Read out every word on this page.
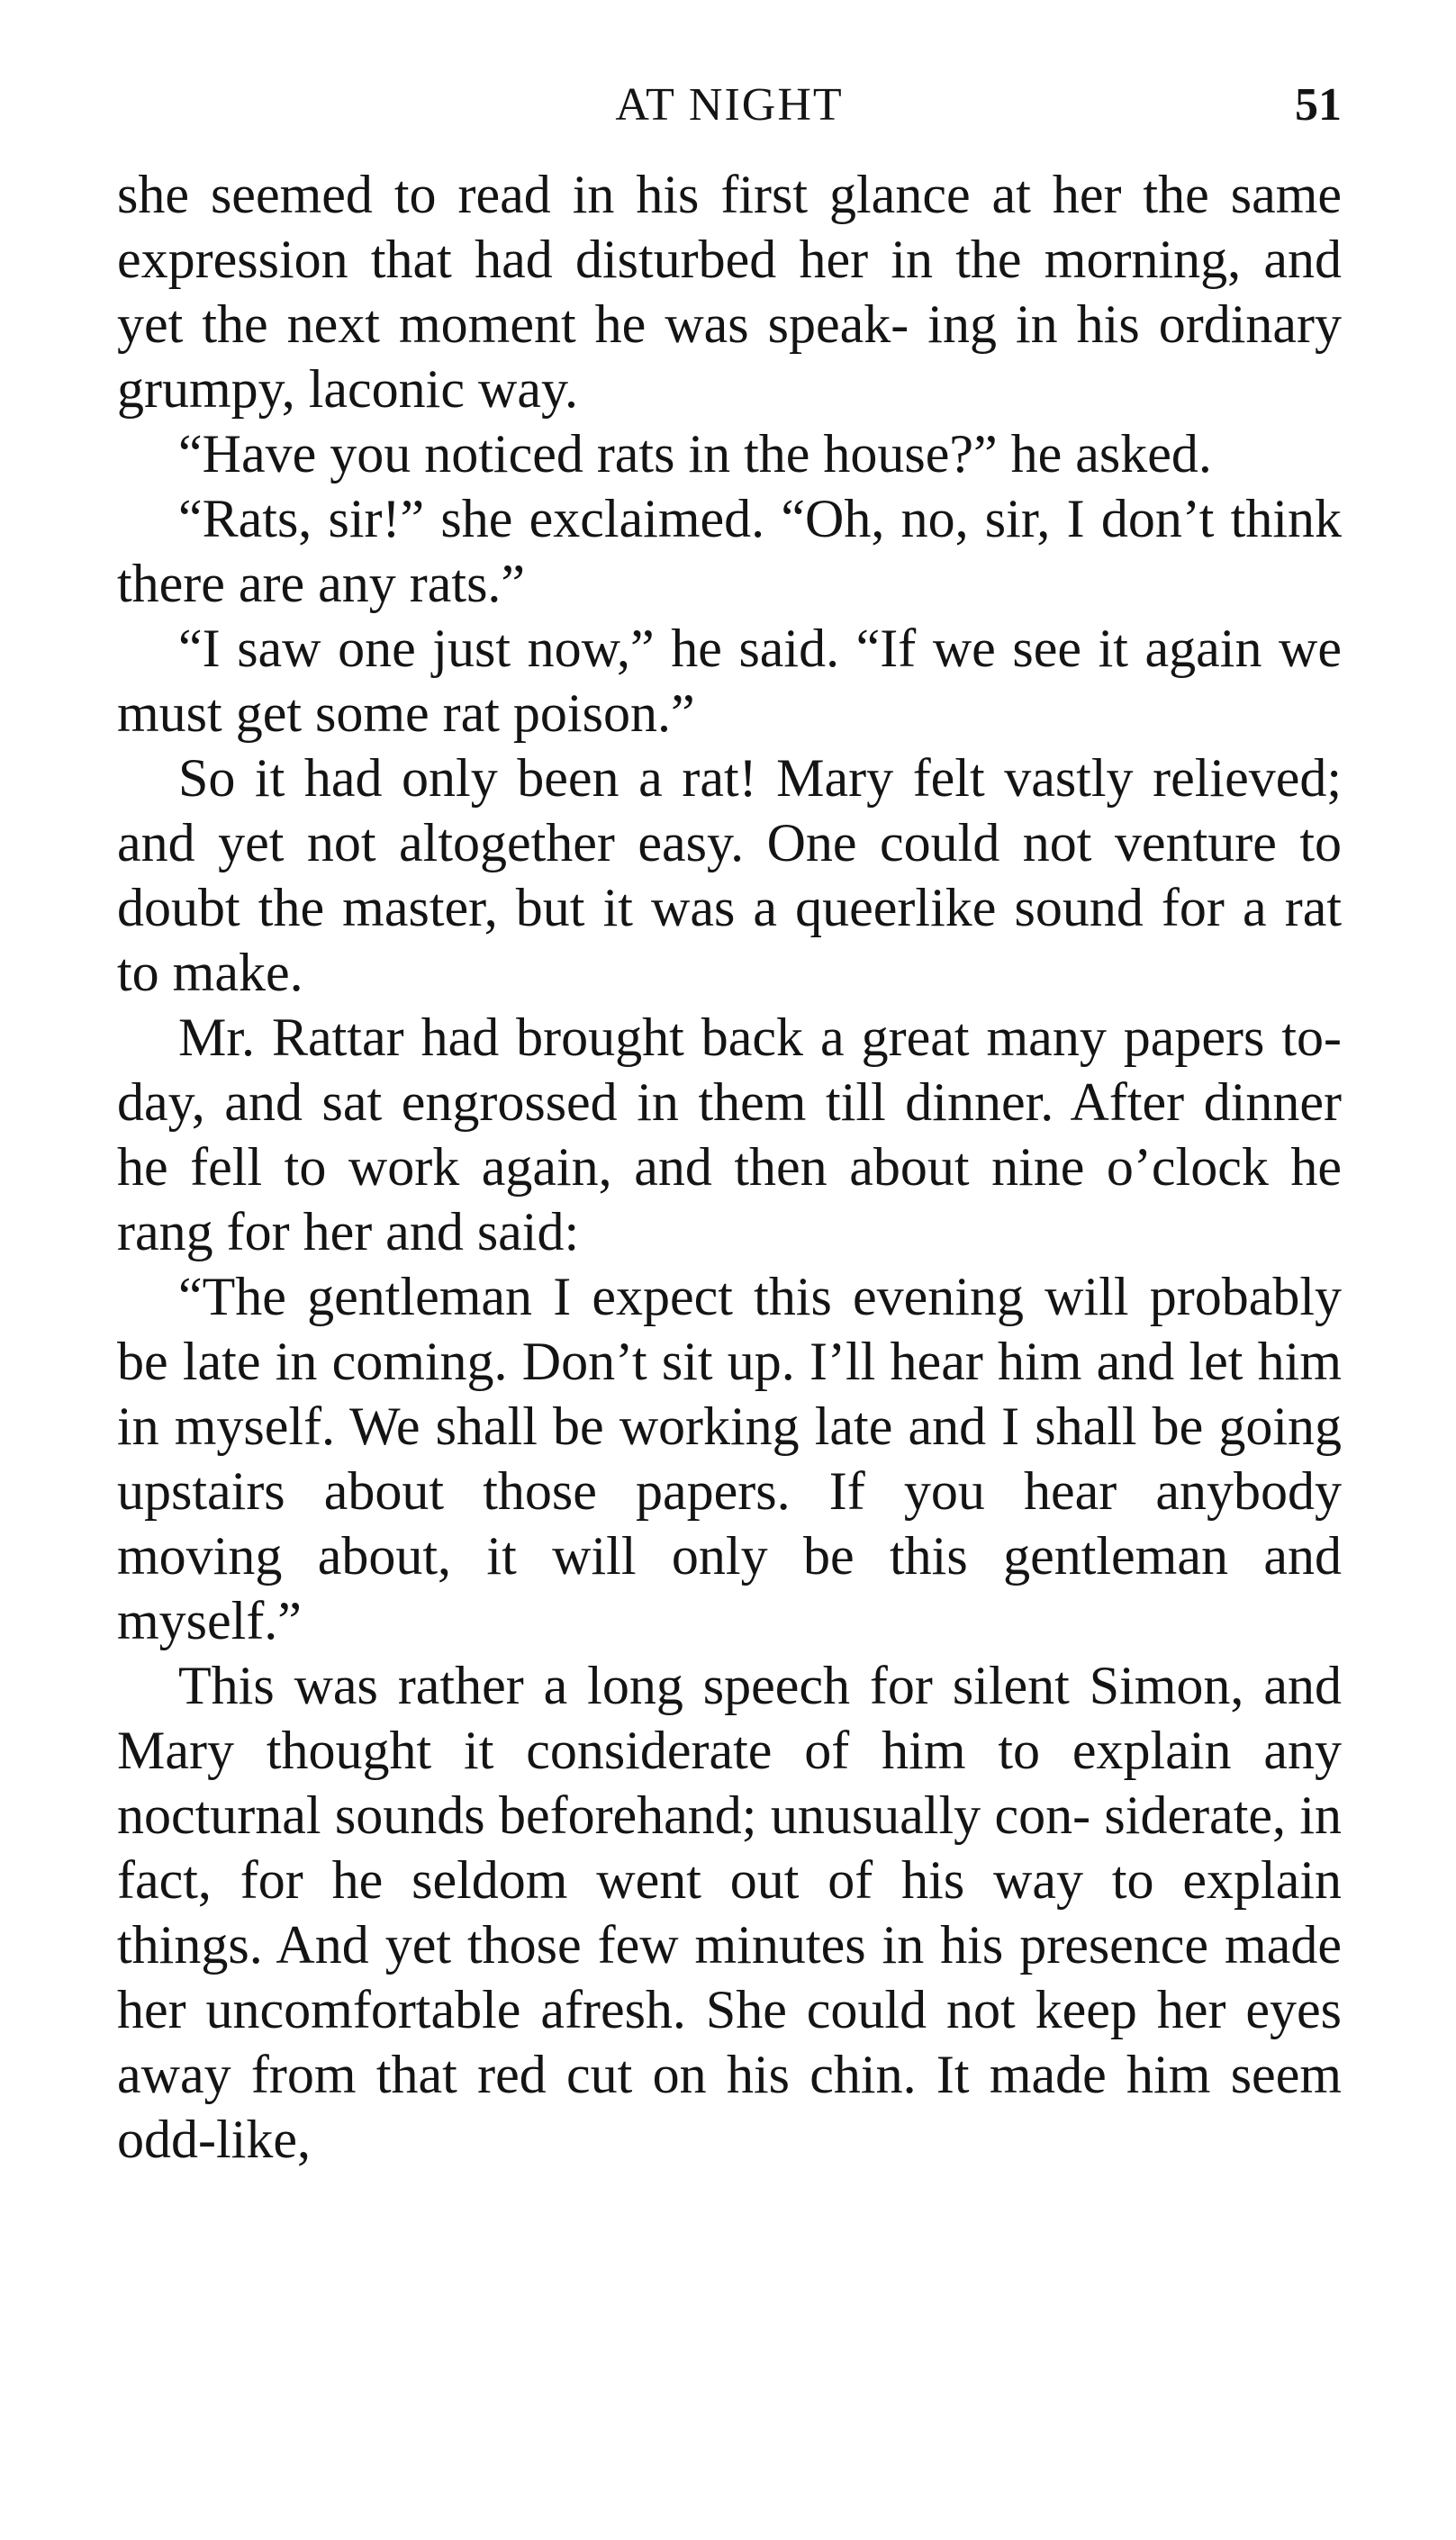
AT NIGHT	51

she seemed to read in his first glance at her the same expression that had disturbed her in the morning, and yet the next moment he was speak- ing in his ordinary grumpy, laconic way.

“Have you noticed rats in the house?” he asked.

“Rats, sir!” she exclaimed. “Oh, no, sir, I don’t think there are any rats.”

“I saw one just now,” he said. “If we see it again we must get some rat poison.”

So it had only been a rat! Mary felt vastly relieved; and yet not altogether easy. One could not venture to doubt the master, but it was a queerlike sound for a rat to make.

Mr. Rattar had brought back a great many papers to-day, and sat engrossed in them till dinner. After dinner he fell to work again, and then about nine o’clock he rang for her and said:

“The gentleman I expect this evening will probably be late in coming. Don’t sit up. I’ll hear him and let him in myself. We shall be working late and I shall be going upstairs about those papers. If you hear anybody moving about, it will only be this gentleman and myself.”

This was rather a long speech for silent Simon, and Mary thought it considerate of him to explain any nocturnal sounds beforehand; unusually con- siderate, in fact, for he seldom went out of his way to explain things. And yet those few minutes in his presence made her uncomfortable afresh. She could not keep her eyes away from that red cut on his chin. It made him seem odd-like,
